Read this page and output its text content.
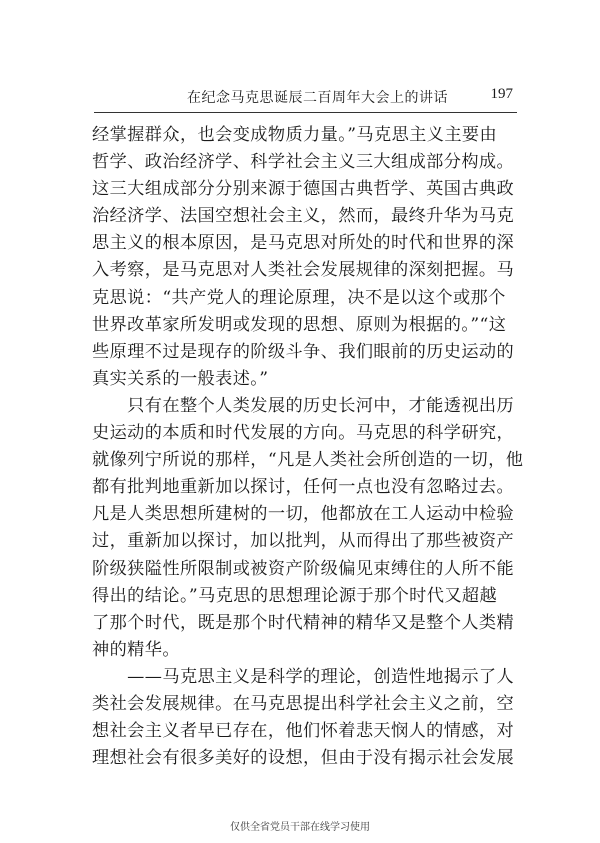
在纪念马克思诞辰二百周年大会上的讲话	197
经掌握群众，也会变成物质力量。”马克思主义主要由
哲学、政治经济学、科学社会主义三大组成部分构成。
这三大组成部分分别来源于德国古典哲学、英国古典政
治经济学、法国空想社会主义，然而，最终升华为马克
思主义的根本原因，是马克思对所处的时代和世界的深
入考察，是马克思对人类社会发展规律的深刻把握。马
克思说：“共产党人的理论原理，决不是以这个或那个
世界改革家所发明或发现的思想、原则为根据的。”“这
些原理不过是现存的阶级斗争、我们眼前的历史运动的
真实关系的一般表述。”
　　只有在整个人类发展的历史长河中，才能透视出历
史运动的本质和时代发展的方向。马克思的科学研究，
就像列宁所说的那样，“凡是人类社会所创造的一切，他
都有批判地重新加以探讨，任何一点也没有忽略过去。
凡是人类思想所建树的一切，他都放在工人运动中检验
过，重新加以探讨，加以批判，从而得出了那些被资产
阶级狭隘性所限制或被资产阶级偏见束缚住的人所不能
得出的结论。”马克思的思想理论源于那个时代又超越
了那个时代，既是那个时代精神的精华又是整个人类精
神的精华。
　　——马克思主义是科学的理论，创造性地揭示了人
类社会发展规律。在马克思提出科学社会主义之前，空
想社会主义者早已存在，他们怀着悲天悯人的情感，对
理想社会有很多美好的设想，但由于没有揭示社会发展
仅供全省党员干部在线学习使用
